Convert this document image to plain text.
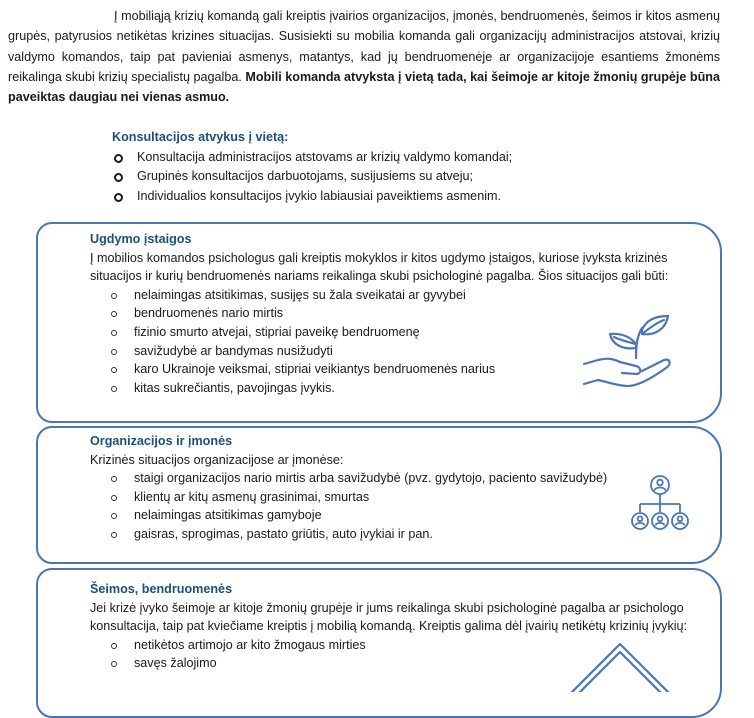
Į mobiliąją krizių komandą gali kreiptis įvairios organizacijos, įmonės, bendruomenės, šeimos ir kitos asmenų grupės, patyrusios netikėtas krizines situacijas. Susisiekti su mobilia komanda gali organizacijų administracijos atstovai, krizių valdymo komandos, taip pat pavieniai asmenys, matantys, kad jų bendruomenėje ar organizacijoje esantiems žmonėms reikalinga skubi krizių specialistų pagalba. Mobili komanda atvyksta į vietą tada, kai šeimoje ar kitoje žmonių grupėje būna paveiktas daugiau nei vienas asmuo.

Konsultacijos atvykus į vietą:
Konsultacija administracijos atstovams ar krizių valdymo komandai;
Grupinės konsultacijos darbuotojams, susijusiems su atveju;
Individualios konsultacijos įvykio labiausiai paveiktiems asmenim.
Ugdymo įstaigos

Į mobilios komandos psichologus gali kreiptis mokyklos ir kitos ugdymo įstaigos, kuriose įvyksta krizinės situacijos ir kurių bendruomenės nariams reikalinga skubi psichologinė pagalba. Šios situacijos gali būti:

nelaimingas atsitikimas, susijęs su žala sveikatai ar gyvybei
bendruomenės nario mirtis
fizinio smurto atvejai, stipriai paveikę bendruomenę
savižudybė ar bandymas nusižudyti
karo Ukrainoje veiksmai, stipriai veikiantys bendruomenės narius
kitas sukrečiantis, pavojingas įvykis.
Organizacijos ir įmonės

Krizinės situacijos organizacijose ar įmonėse:

staigi organizacijos nario mirtis arba savižudybė (pvz. gydytojo, paciento savižudybė)
klientų ar kitų asmenų grasinimai, smurtas
nelaimingas atsitikimas gamyboje
gaisras, sprogimas, pastato griūtis, auto įvykiai ir pan.
Šeimos, bendruomenės

Jei krizė įvyko šeimoje ar kitoje žmonių grupėje ir jums reikalinga skubi psichologinė pagalba ar psichologo konsultacija, taip pat kviečiame kreiptis į mobilią komandą. Kreiptis galima dėl įvairių netikėtų krizinių įvykių:

netikėtos artimojo ar kito žmogaus mirties
savęs žalojimo
